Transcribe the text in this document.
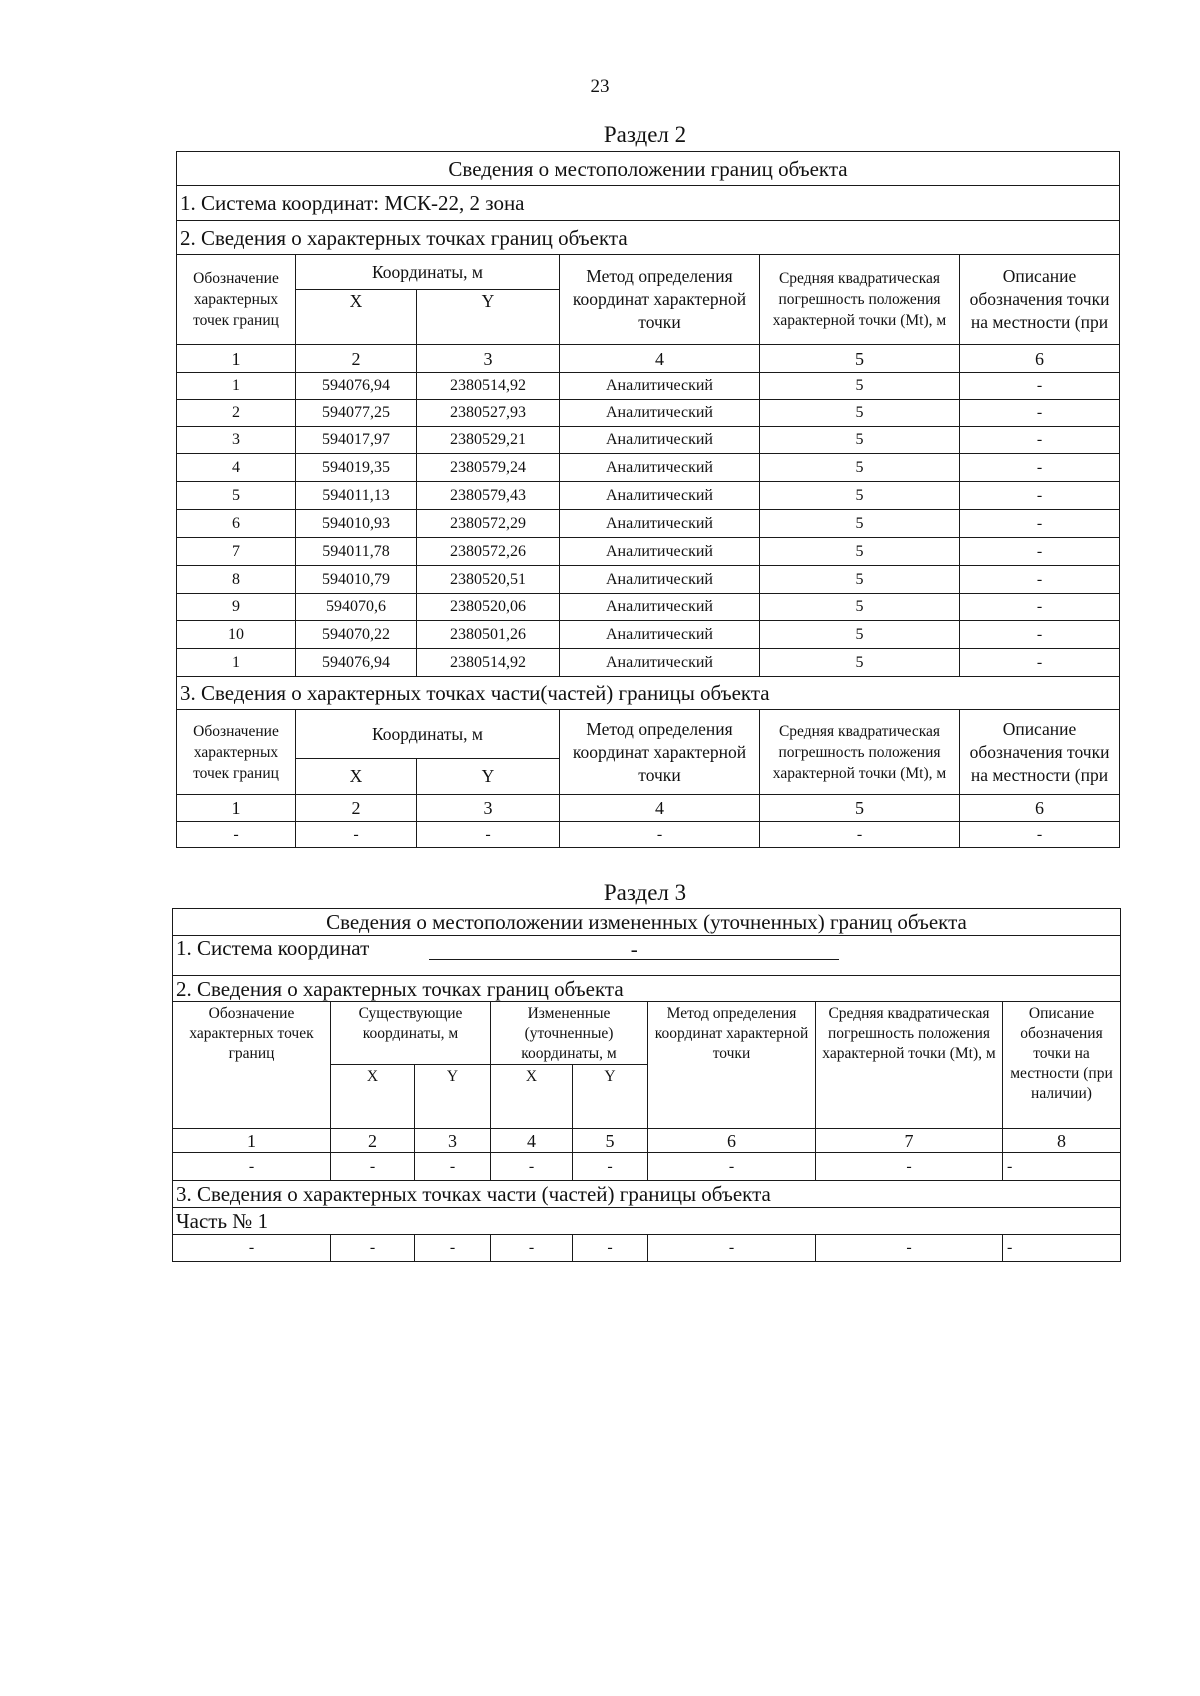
23
Раздел 2
Сведения о местоположении границ объекта					
1. Система координат: МСК-22, 2 зона					
2. Сведения о характерных точках границ объекта					
Обозначение характерных точек границ	Координаты, м		Метод определения координат характерной точки	Средняя квадратическая погрешность положения характерной точки (Mt), м	Описание обозначения точки на местности (при
	X	Y			
1	2	3	4	5	6
1	594076,94	2380514,92	Аналитический	5	-
2	594077,25	2380527,93	Аналитический	5	-
3	594017,97	2380529,21	Аналитический	5	-
4	594019,35	2380579,24	Аналитический	5	-
5	594011,13	2380579,43	Аналитический	5	-
6	594010,93	2380572,29	Аналитический	5	-
7	594011,78	2380572,26	Аналитический	5	-
8	594010,79	2380520,51	Аналитический	5	-
9	594070,6	2380520,06	Аналитический	5	-
10	594070,22	2380501,26	Аналитический	5	-
1	594076,94	2380514,92	Аналитический	5	-
3. Сведения о характерных точках части(частей) границы объекта					
Обозначение характерных точек границ	Координаты, м		Метод определения координат характерной точки	Средняя квадратическая погрешность положения характерной точки (Mt), м	Описание обозначения точки на местности (при
	X	Y			
1	2	3	4	5	6
-	-	-	-	-	-
Раздел 3
Сведения о местоположении измененных (уточненных) границ объекта							
1. Система координат -							
2. Сведения о характерных точках границ объекта							
Обозначение характерных точек границ	Существующие координаты, м		Измененные (уточненные) координаты, м		Метод определения координат характерной точки	Средняя квадратическая погрешность положения характерной точки (Mt), м	Описание обозначения точки на местности (при наличии)
	X	Y	X	Y			
1	2	3	4	5	6	7	8
-	-	-	-	-	-	-	-
3. Сведения о характерных точках части (частей) границы объекта							
Часть № 1							
-	-	-	-	-	-	-	-
